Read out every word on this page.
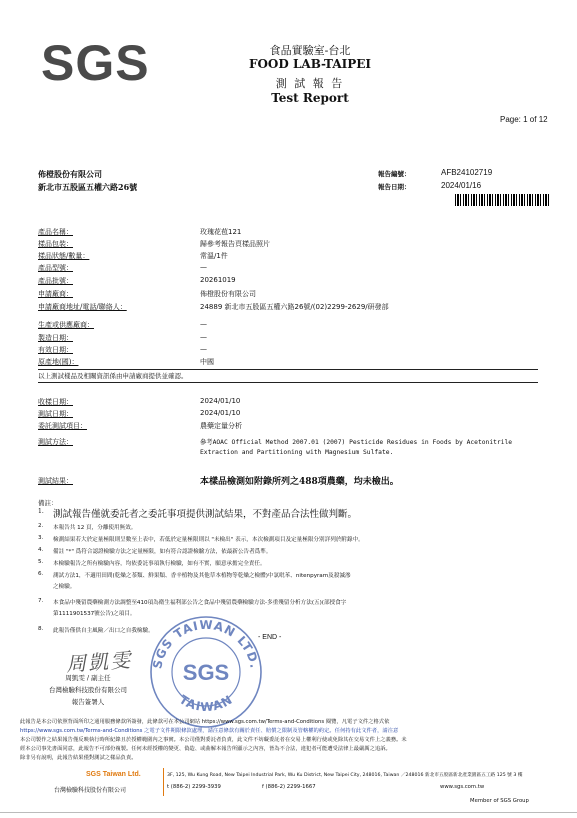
SGS	食品實驗室-台北
FOOD LAB-TAIPEI
測 試 報 告
Test Report
Page: 1 of 12
佈橙股份有限公司
新北市五股區五權六路26號
報告編號：	AFB24102719
報告日期：	2024/01/16
產品名稱：	玫瑰花苞121
樣品包裝：	歸參考報告頁樣品照片
樣品狀態/數量：	常溫/1件
產品型號：	—
產品批號：	20261019
申請廠商：	佈橙股份有限公司
申請廠商地址/電話/聯絡人：	24889 新北市五股區五權六路26號/(02)2299-2629/研發部
生產或供應廠商：	—
製造日期：	—
有效日期：	—
原產地(國)：	中國
以上測試樣品及相關資訊係由申請廠商提供並確認。
收樣日期：	2024/01/10
測試日期：	2024/01/10
委託測試項目：	農藥定量分析
測試方法：	參考AOAC Official Method 2007.01 (2007) Pesticide Residues in Foods by Acetonitrile
Extraction and Partitioning with Magnesium Sulfate.
測試結果：	本樣品檢測如附錄所列之488項農藥，均未檢出。
備註：
1. 測試報告僅就委託者之委託事項提供測試結果，不對產品合法性做判斷。
2. 本報告共 12 頁，分離使用無效。
3. 檢測結果若大於定量極限則呈數至上表中，若低於定量極限則以 "未檢出" 表示，本次檢測項目及定量極限分別詳列於附錄中。
4. 備註 "*" 爲符合認證檢驗方法之定量極限，如有符合認證檢驗方法，依最新公告者爲準。
5. 本檢驗報告之所有檢驗內容，均依委託事項執行檢驗，如有不實，願意承擔完全責任。
6. 測試方法1，不適用田間(乾燥之茶類、鮮果類、香辛植物及其他草本植物等乾燥之檢體)中氯吡苯、nitenpyram及殺滅滲
之檢驗。
7. 本食品中殘留農藥檢測方法調整至410項為衛生福利部公告之食品中殘留農藥檢驗方法-多重殘留分析方法(五)(部授食字
第1111901537號公告)之項目。
8. 此報告僅供自主風險／出口之自我檢驗。
- END -
周凱雯
周凱雯 / 副主任
台灣檢驗科技股份有限公司
報告簽署人
SGS TAIWAN LTD.
SGS
TAIWAN
此報告是本公司依照背面所印之通用服務條款所簽發，此條款可在本公司網站 https://www.sgs.com.tw/Terms-and-Conditions 閱覽，凡電子文件之格式依
https://www.sgs.com.tw/Terms-and-Conditions 之電子文件期限條款處理，請注意條款有關於責任、賠償之限制及管轄權的約定。任何持有此文件者，請注意
本公司製作之結果報告僅反映執行時所紀錄且於授權範圍內之事實。本公司僅對委託者負責，此文件不妨礙委託者在交易上權利行使或免除其在交易文件上之義務。未
經本公司事先書面同意，此報告不可部份複製。任何未經授權的變更、偽造、或曲解本報告所顯示之內容，皆為不合法，違犯者可能遭受法律上最嚴厲之追訴。
除非另有說明，此報告結果僅對測試之樣品負責。
SGS Taiwan Ltd.
台灣檢驗科技股份有限公司
3F, 125, Wu Kung Road, New Taipei Industrial Park, Wu Ku District, New Taipei City, 248016, Taiwan ／248016 新北市五股區新北產業園區五工路 125 號 3 樓
t (886-2) 2299-3939	f (886-2) 2299-1667	www.sgs.com.tw
Member of SGS Group
